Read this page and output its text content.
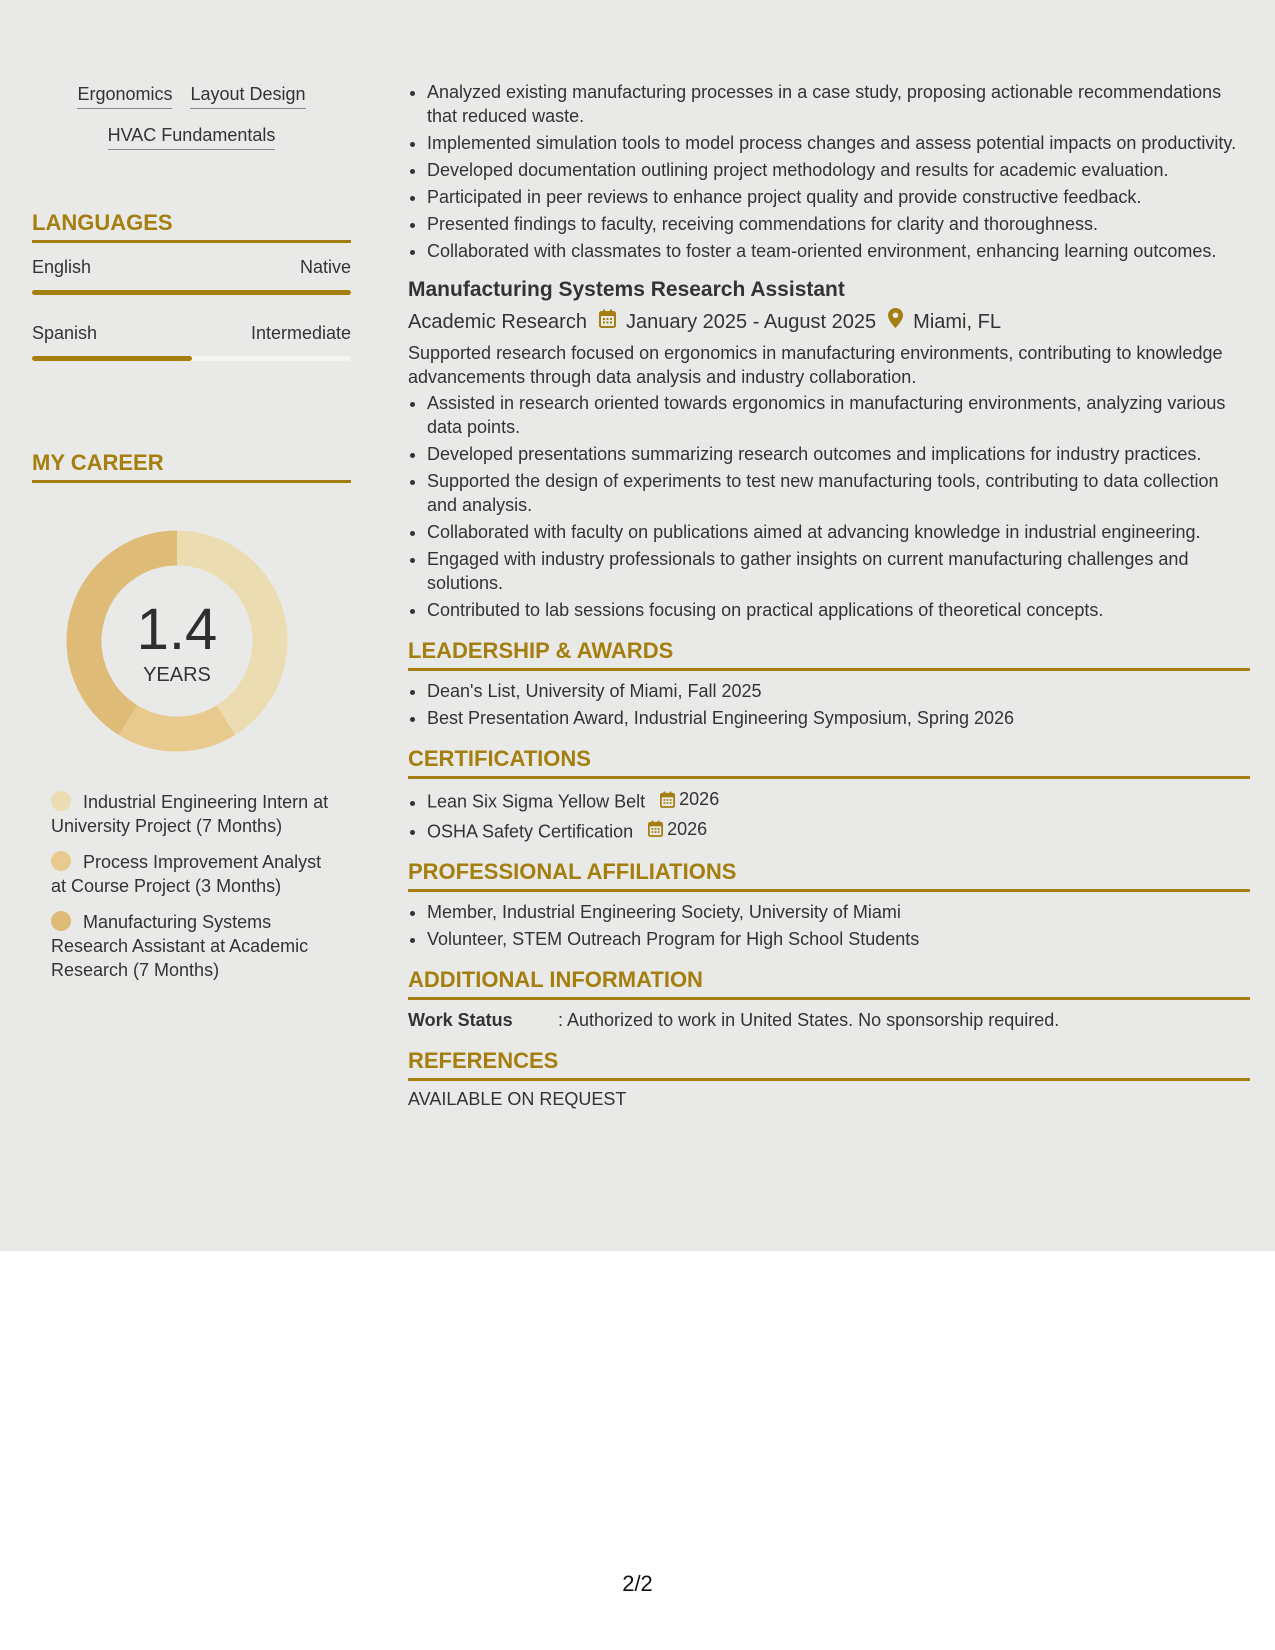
Ergonomics Layout Design
HVAC Fundamentals
LANGUAGES
English	Native
Spanish	Intermediate
MY CAREER
1.4
YEARS
Industrial Engineering Intern at University Project (7 Months)
Process Improvement Analyst at Course Project (3 Months)
Manufacturing Systems Research Assistant at Academic Research (7 Months)
• Analyzed existing manufacturing processes in a case study, proposing actionable recommendations that reduced waste.
• Implemented simulation tools to model process changes and assess potential impacts on productivity.
• Developed documentation outlining project methodology and results for academic evaluation.
• Participated in peer reviews to enhance project quality and provide constructive feedback.
• Presented findings to faculty, receiving commendations for clarity and thoroughness.
• Collaborated with classmates to foster a team-oriented environment, enhancing learning outcomes.
Manufacturing Systems Research Assistant
Academic Research January 2025 - August 2025 Miami, FL
Supported research focused on ergonomics in manufacturing environments, contributing to knowledge advancements through data analysis and industry collaboration.
• Assisted in research oriented towards ergonomics in manufacturing environments, analyzing various data points.
• Developed presentations summarizing research outcomes and implications for industry practices.
• Supported the design of experiments to test new manufacturing tools, contributing to data collection and analysis.
• Collaborated with faculty on publications aimed at advancing knowledge in industrial engineering.
• Engaged with industry professionals to gather insights on current manufacturing challenges and solutions.
• Contributed to lab sessions focusing on practical applications of theoretical concepts.
LEADERSHIP & AWARDS
• Dean's List, University of Miami, Fall 2025
• Best Presentation Award, Industrial Engineering Symposium, Spring 2026
CERTIFICATIONS
• Lean Six Sigma Yellow Belt 2026
• OSHA Safety Certification 2026
PROFESSIONAL AFFILIATIONS
• Member, Industrial Engineering Society, University of Miami
• Volunteer, STEM Outreach Program for High School Students
ADDITIONAL INFORMATION
Work Status	: Authorized to work in United States. No sponsorship required.
REFERENCES
AVAILABLE ON REQUEST
2/2
